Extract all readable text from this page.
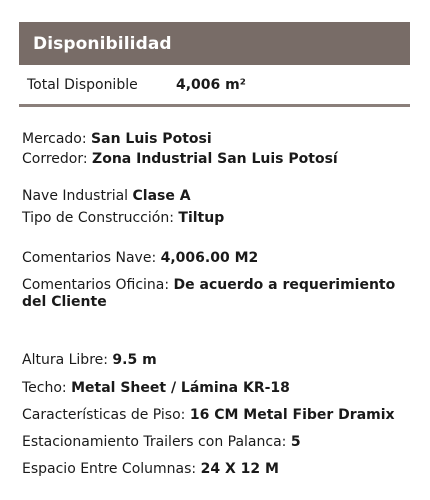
Disponibilidad
Total Disponible	4,006 m²
Mercado: San Luis Potosi
Corredor: Zona Industrial San Luis Potosí
Nave Industrial Clase A
Tipo de Construcción: Tiltup
Comentarios Nave: 4,006.00 M2
Comentarios Oficina: De acuerdo a requerimiento del Cliente
Altura Libre: 9.5 m
Techo: Metal Sheet / Lámina KR-18
Características de Piso: 16 CM Metal Fiber Dramix
Estacionamiento Trailers con Palanca: 5
Espacio Entre Columnas: 24 X 12 M
